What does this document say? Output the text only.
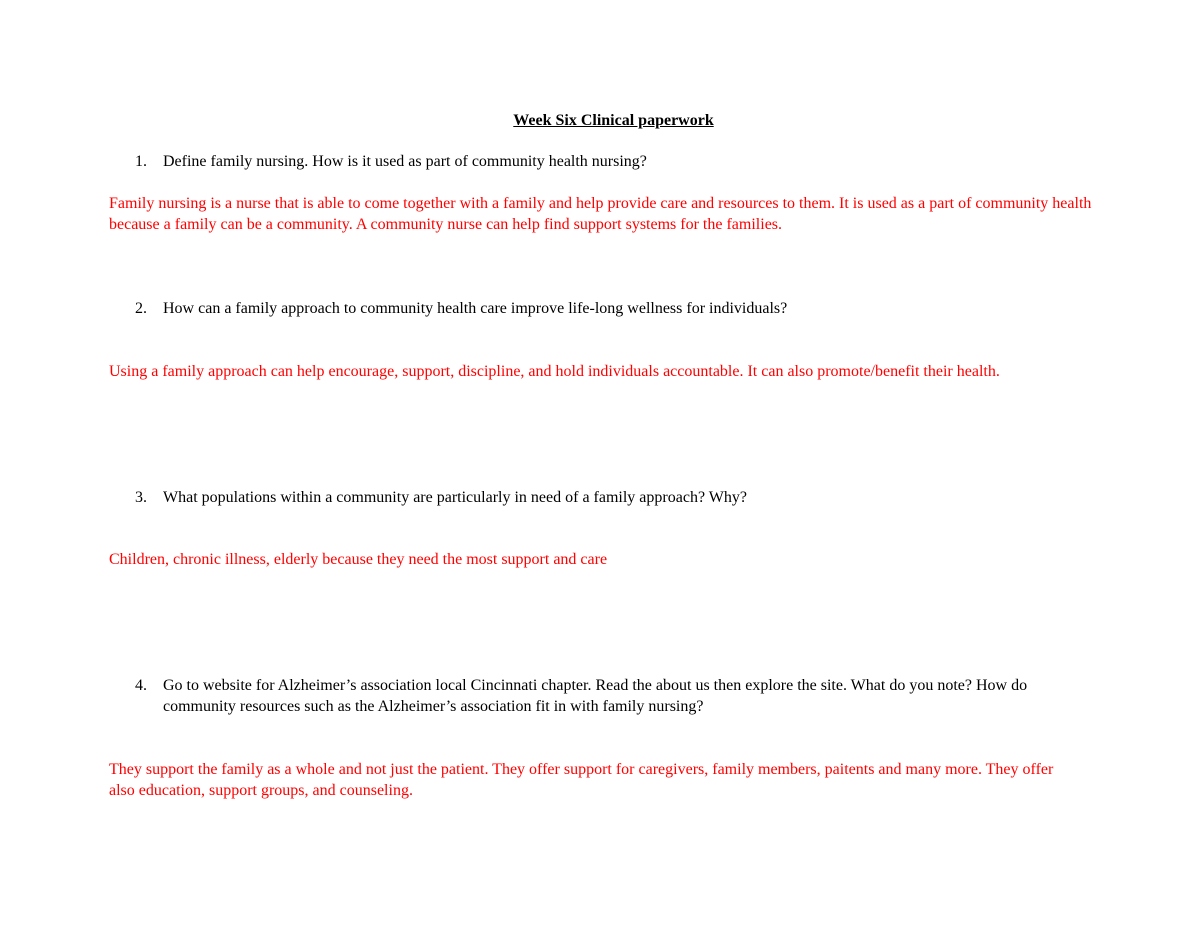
Week Six Clinical paperwork
1.	Define family nursing. How is it used as part of community health nursing?
Family nursing is a nurse that is able to come together with a family and help provide care and resources to them. It is used as a part of community health because a family can be a community. A community nurse can help find support systems for the families.
2.	How can a family approach to community health care improve life-long wellness for individuals?
Using a family approach can help encourage, support, discipline, and hold individuals accountable. It can also promote/benefit their health.
3.	What populations within a community are particularly in need of a family approach? Why?
Children, chronic illness, elderly because they need the most support and care
4.	Go to website for Alzheimer’s association local Cincinnati chapter. Read the about us then explore the site. What do you note? How do community resources such as the Alzheimer’s association fit in with family nursing?
They support the family as a whole and not just the patient. They offer support for caregivers, family members, paitents and many more. They offer also education, support groups, and counseling.
